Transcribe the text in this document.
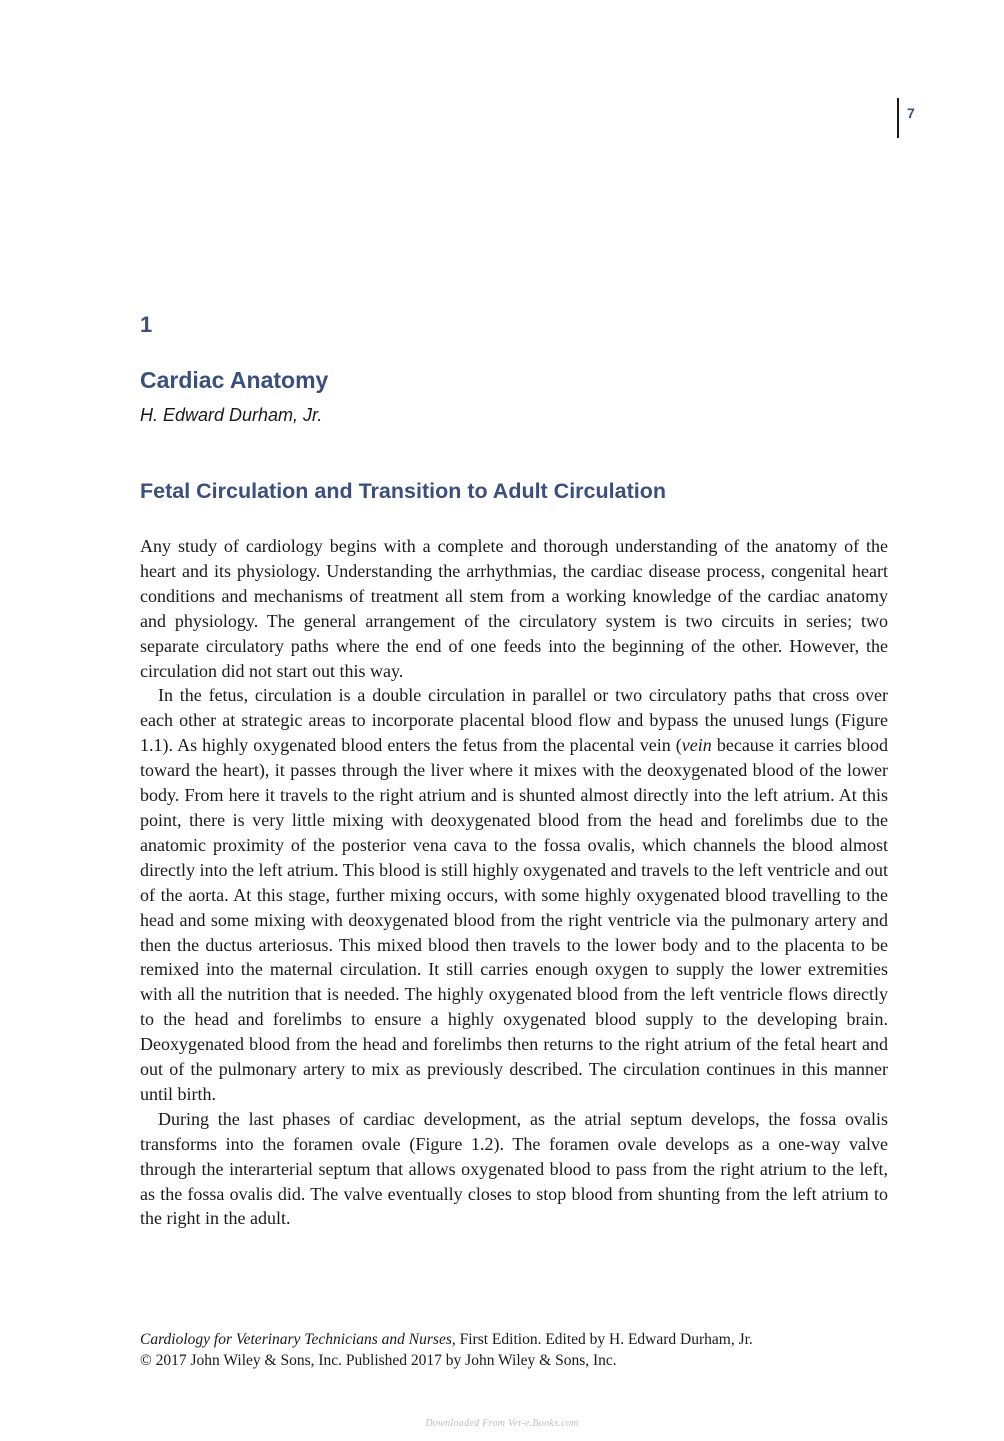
7
1
Cardiac Anatomy

H. Edward Durham, Jr.

Fetal Circulation and Transition to Adult Circulation

Any study of cardiology begins with a complete and thorough understanding of the anatomy of the heart and its physiology. Understanding the arrhythmias, the cardiac disease process, congenital heart conditions and mechanisms of treatment all stem from a working knowledge of the cardiac anatomy and physiology. The general arrangement of the circulatory system is two circuits in series; two separate circulatory paths where the end of one feeds into the beginning of the other. However, the circulation did not start out this way.

In the fetus, circulation is a double circulation in parallel or two circulatory paths that cross over each other at strategic areas to incorporate placental blood flow and bypass the unused lungs (Figure 1.1). As highly oxygenated blood enters the fetus from the placental vein (vein because it carries blood toward the heart), it passes through the liver where it mixes with the deoxygenated blood of the lower body. From here it travels to the right atrium and is shunted almost directly into the left atrium. At this point, there is very little mixing with deoxygenated blood from the head and forelimbs due to the anatomic proximity of the posterior vena cava to the fossa ovalis, which channels the blood almost directly into the left atrium. This blood is still highly oxygenated and travels to the left ventricle and out of the aorta. At this stage, further mixing occurs, with some highly oxygenated blood travelling to the head and some mixing with deoxygenated blood from the right ventricle via the pulmonary artery and then the ductus arteriosus. This mixed blood then travels to the lower body and to the placenta to be remixed into the maternal circulation. It still carries enough oxygen to supply the lower extremities with all the nutrition that is needed. The highly oxygenated blood from the left ventricle flows directly to the head and forelimbs to ensure a highly oxygenated blood supply to the developing brain. Deoxygenated blood from the head and forelimbs then returns to the right atrium of the fetal heart and out of the pulmonary artery to mix as previously described. The circulation continues in this manner until birth.

During the last phases of cardiac development, as the atrial septum develops, the fossa ovalis transforms into the foramen ovale (Figure 1.2). The foramen ovale develops as a one-way valve through the interarterial septum that allows oxygenated blood to pass from the right atrium to the left, as the fossa ovalis did. The valve eventually closes to stop blood from shunting from the left atrium to the right in the adult.

Cardiology for Veterinary Technicians and Nurses, First Edition. Edited by H. Edward Durham, Jr.
© 2017 John Wiley & Sons, Inc. Published 2017 by John Wiley & Sons, Inc.
Downloaded From Vet-e.Books.com
